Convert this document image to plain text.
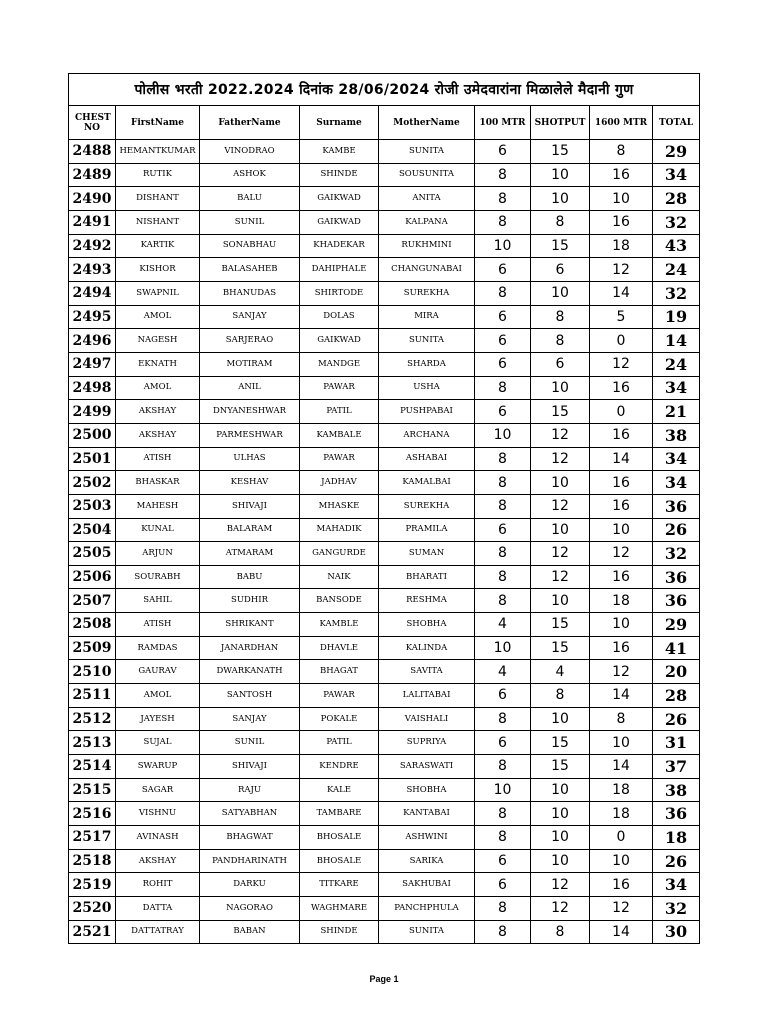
पोलीस भरती 2022.2024 दिनांक 28/06/2024 रोजी उमेदवारांना मिळालेले मैदानी गुण								
CHEST NO	FirstName	FatherName	Surname	MotherName	100 MTR	SHOTPUT	1600 MTR	TOTAL
2488	HEMANTKUMAR	VINODRAO	KAMBE	SUNITA	6	15	8	29
2489	RUTIK	ASHOK	SHINDE	SOUSUNITA	8	10	16	34
2490	DISHANT	BALU	GAIKWAD	ANITA	8	10	10	28
2491	NISHANT	SUNIL	GAIKWAD	KALPANA	8	8	16	32
2492	KARTIK	SONABHAU	KHADEKAR	RUKHMINI	10	15	18	43
2493	KISHOR	BALASAHEB	DAHIPHALE	CHANGUNABAI	6	6	12	24
2494	SWAPNIL	BHANUDAS	SHIRTODE	SUREKHA	8	10	14	32
2495	AMOL	SANJAY	DOLAS	MIRA	6	8	5	19
2496	NAGESH	SARJERAO	GAIKWAD	SUNITA	6	8	0	14
2497	EKNATH	MOTIRAM	MANDGE	SHARDA	6	6	12	24
2498	AMOL	ANIL	PAWAR	USHA	8	10	16	34
2499	AKSHAY	DNYANESHWAR	PATIL	PUSHPABAI	6	15	0	21
2500	AKSHAY	PARMESHWAR	KAMBALE	ARCHANA	10	12	16	38
2501	ATISH	ULHAS	PAWAR	ASHABAI	8	12	14	34
2502	BHASKAR	KESHAV	JADHAV	KAMALBAI	8	10	16	34
2503	MAHESH	SHIVAJI	MHASKE	SUREKHA	8	12	16	36
2504	KUNAL	BALARAM	MAHADIK	PRAMILA	6	10	10	26
2505	ARJUN	ATMARAM	GANGURDE	SUMAN	8	12	12	32
2506	SOURABH	BABU	NAIK	BHARATI	8	12	16	36
2507	SAHIL	SUDHIR	BANSODE	RESHMA	8	10	18	36
2508	ATISH	SHRIKANT	KAMBLE	SHOBHA	4	15	10	29
2509	RAMDAS	JANARDHAN	DHAVLE	KALINDA	10	15	16	41
2510	GAURAV	DWARKANATH	BHAGAT	SAVITA	4	4	12	20
2511	AMOL	SANTOSH	PAWAR	LALITABAI	6	8	14	28
2512	JAYESH	SANJAY	POKALE	VAISHALI	8	10	8	26
2513	SUJAL	SUNIL	PATIL	SUPRIYA	6	15	10	31
2514	SWARUP	SHIVAJI	KENDRE	SARASWATI	8	15	14	37
2515	SAGAR	RAJU	KALE	SHOBHA	10	10	18	38
2516	VISHNU	SATYABHAN	TAMBARE	KANTABAI	8	10	18	36
2517	AVINASH	BHAGWAT	BHOSALE	ASHWINI	8	10	0	18
2518	AKSHAY	PANDHARINATH	BHOSALE	SARIKA	6	10	10	26
2519	ROHIT	DARKU	TITKARE	SAKHUBAI	6	12	16	34
2520	DATTA	NAGORAO	WAGHMARE	PANCHPHULA	8	12	12	32
2521	DATTATRAY	BABAN	SHINDE	SUNITA	8	8	14	30
Page 1
